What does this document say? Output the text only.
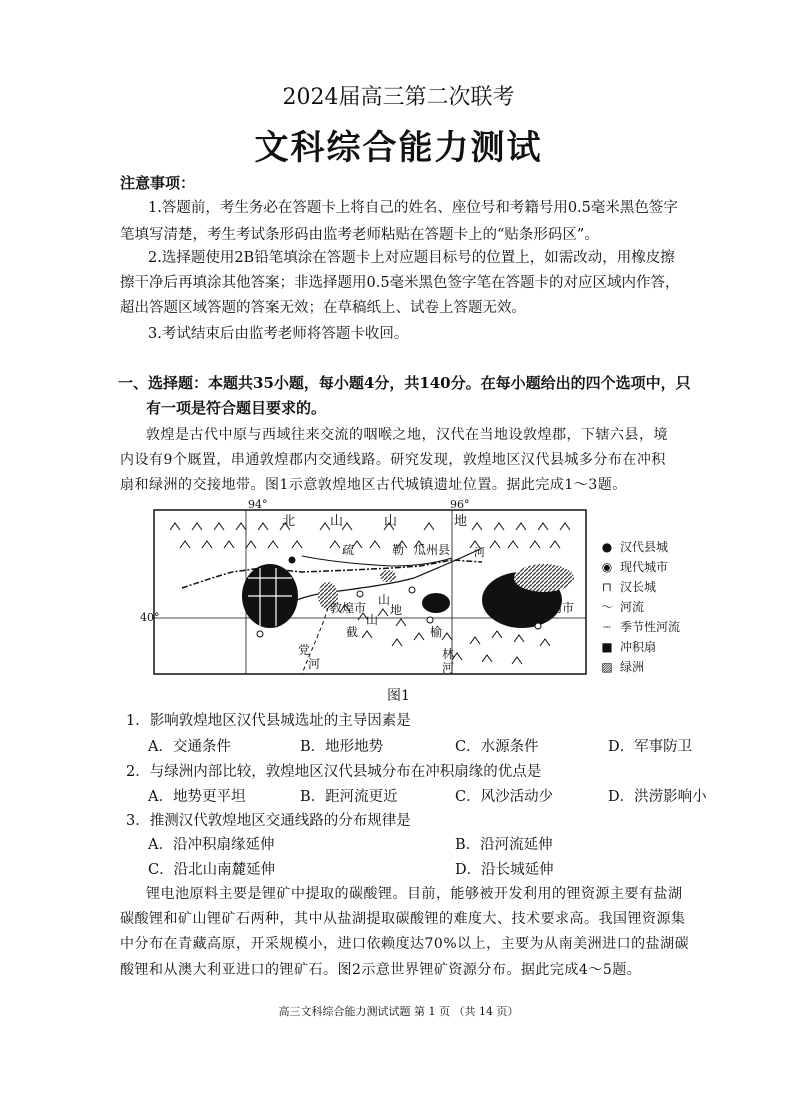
2024届高三第二次联考
文科综合能力测试
注意事项：
1.答题前，考生务必在答题卡上将自己的姓名、座位号和考籍号用0.5毫米黑色签字
笔填写清楚，考生考试条形码由监考老师粘贴在答题卡上的“贴条形码区”。
2.选择题使用2B铅笔填涂在答题卡上对应题目标号的位置上，如需改动，用橡皮擦
擦干净后再填涂其他答案；非选择题用0.5毫米黑色签字笔在答题卡的对应区域内作答，
超出答题区域答题的答案无效；在草稿纸上、试卷上答题无效。
3.考试结束后由监考老师将答题卡收回。
一、选择题：本题共35小题，每小题4分，共140分。在每小题给出的四个选项中，只
有一项是符合题目要求的。
敦煌是古代中原与西域往来交流的咽喉之地，汉代在当地设敦煌郡，下辖六县，境
内设有9个厩置，串通敦煌郡内交通线路。研究发现，敦煌地区汉代县城多分布在冲积
扇和绿洲的交接地带。图1示意敦煌地区古代城镇遗址位置。据此完成1～3题。
北	山	山	地
疏	勒 瓜州县 河
敦煌市
山
地
山
玉门市
党
河
截	榆
林
河
40°
94°	96°
● 汉代县城
◉ 现代城市
⊓ 汉长城
〜 河流
┄ 季节性河流
■ 冲积扇
▨ 绿洲
图1
1．影响敦煌地区汉代县城选址的主导因素是
A．交通条件	B．地形地势	C．水源条件	D．军事防卫
2．与绿洲内部比较，敦煌地区汉代县城分布在冲积扇缘的优点是
A．地势更平坦	B．距河流更近	C．风沙活动少	D．洪涝影响小
3．推测汉代敦煌地区交通线路的分布规律是
A．沿冲积扇缘延伸	B．沿河流延伸
C．沿北山南麓延伸	D．沿长城延伸
锂电池原料主要是锂矿中提取的碳酸锂。目前，能够被开发利用的锂资源主要有盐湖
碳酸锂和矿山锂矿石两种，其中从盐湖提取碳酸锂的难度大、技术要求高。我国锂资源集
中分布在青藏高原，开采规模小，进口依赖度达70%以上，主要为从南美洲进口的盐湖碳
酸锂和从澳大利亚进口的锂矿石。图2示意世界锂矿资源分布。据此完成4～5题。
高三文科综合能力测试试题 第 1 页 （共 14 页）
